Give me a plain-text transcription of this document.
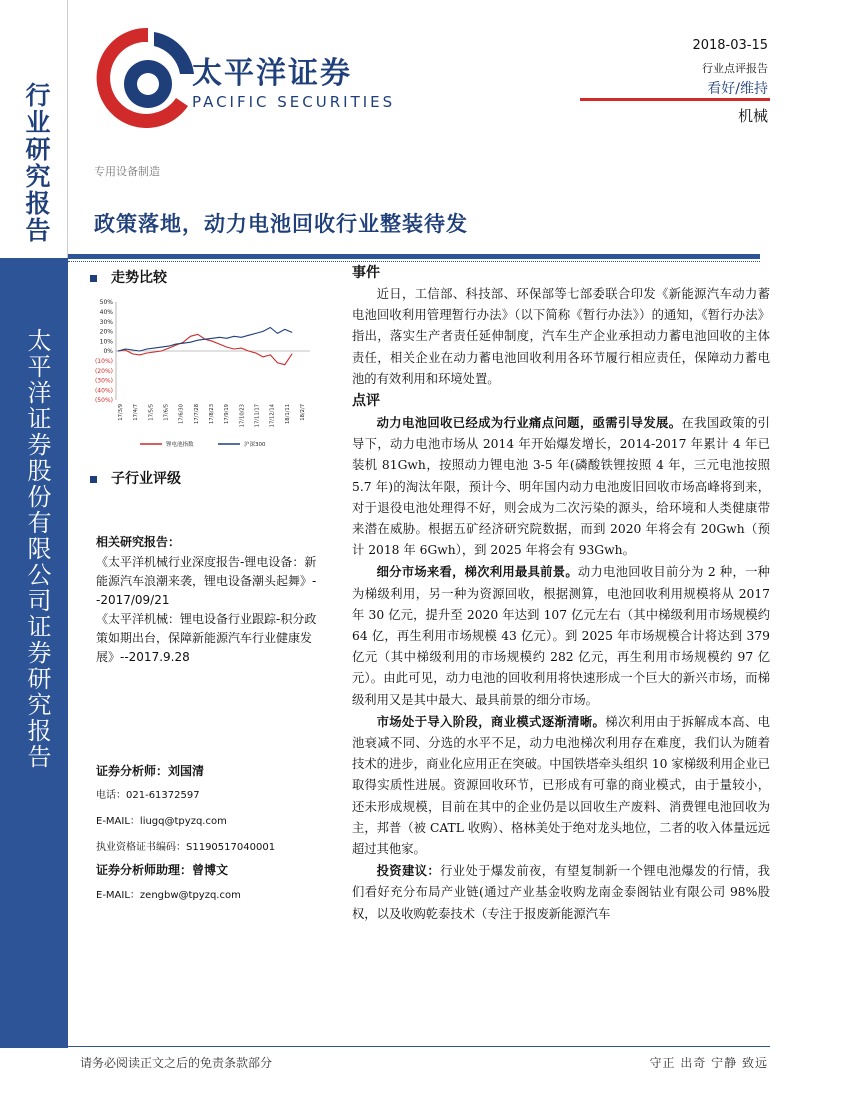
行业研究报告
太平洋证券股份有限公司证券研究报告
太平洋证券
PACIFIC SECURITIES
2018-03-15
行业点评报告
看好/维持
机械
专用设备制造
政策落地，动力电池回收行业整装待发
走势比较
50%
40%
30%
20%
10%
0%
(10%)
(20%)
(30%)
(40%)
(50%)
17/3/9 17/4/7 17/5/5 17/6/5 17/6/30 17/7/28 17/8/23 17/9/19 17/10/23 17/11/17 17/12/14 18/1/11 18/2/7
锂电池指数	沪深300
子行业评级
相关研究报告：

《太平洋机械行业深度报告-锂电设备：新能源汽车浪潮来袭，锂电设备潮头起舞》--2017/09/21

《太平洋机械：锂电设备行业跟踪-积分政策如期出台，保障新能源汽车行业健康发展》--2017.9.28

证券分析师：刘国清
电话：021-61372597
E-MAIL：liugq@tpyzq.com
执业资格证书编码：S1190517040001
证券分析师助理：曾博文
E-MAIL：zengbw@tpyzq.com
事件

近日，工信部、科技部、环保部等七部委联合印发《新能源汽车动力蓄电池回收利用管理暂行办法》（以下简称《暂行办法》）的通知，《暂行办法》指出，落实生产者责任延伸制度，汽车生产企业承担动力蓄电池回收的主体责任，相关企业在动力蓄电池回收利用各环节履行相应责任，保障动力蓄电池的有效利用和环境处置。

点评

动力电池回收已经成为行业痛点问题，亟需引导发展。在我国政策的引导下，动力电池市场从 2014 年开始爆发增长，2014-2017 年累计 4 年已装机 81Gwh，按照动力锂电池 3-5 年(磷酸铁锂按照 4 年，三元电池按照 5.7 年)的淘汰年限，预计今、明年国内动力电池废旧回收市场高峰将到来，对于退役电池处理得不好，则会成为二次污染的源头，给环境和人类健康带来潜在威胁。根据五矿经济研究院数据，而到 2020 年将会有 20Gwh（预计 2018 年 6Gwh），到 2025 年将会有 93Gwh。

细分市场来看，梯次利用最具前景。动力电池回收目前分为 2 种，一种为梯级利用，另一种为资源回收，根据测算，电池回收利用规模将从 2017 年 30 亿元，提升至 2020 年达到 107 亿元左右（其中梯级利用市场规模约 64 亿，再生利用市场规模 43 亿元）。到 2025 年市场规模合计将达到 379 亿元（其中梯级利用的市场规模约 282 亿元，再生利用市场规模约 97 亿元）。由此可见，动力电池的回收利用将快速形成一个巨大的新兴市场，而梯级利用又是其中最大、最具前景的细分市场。

市场处于导入阶段，商业模式逐渐清晰。梯次利用由于拆解成本高、电池衰减不同、分选的水平不足，动力电池梯次利用存在难度，我们认为随着技术的进步，商业化应用正在突破。中国铁塔牵头组织 10 家梯级利用企业已取得实质性进展。资源回收环节，已形成有可靠的商业模式，由于量较小，还未形成规模，目前在其中的企业仍是以回收生产废料、消费锂电池回收为主，邦普（被 CATL 收购）、格林美处于绝对龙头地位，二者的收入体量远远超过其他家。

投资建议：行业处于爆发前夜，有望复制新一个锂电池爆发的行情，我们看好充分布局产业链(通过产业基金收购龙南金泰阁钴业有限公司 98%股权，以及收购乾泰技术（专注于报废新能源汽车

请务必阅读正文之后的免责条款部分	守正 出奇 宁静 致远
